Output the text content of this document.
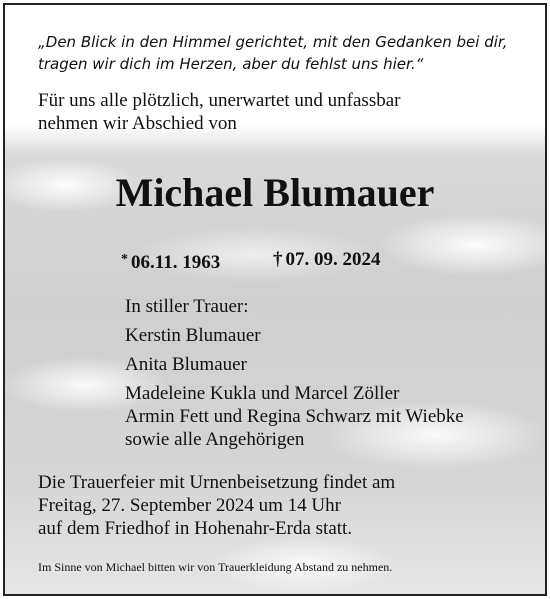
„Den Blick in den Himmel gerichtet, mit den Gedanken bei dir,
tragen wir dich im Herzen, aber du fehlst uns hier.“
Für uns alle plötzlich, unerwartet und unfassbar
nehmen wir Abschied von
Michael Blumauer
* 06.11. 1963	† 07. 09. 2024
In stiller Trauer:
Kerstin Blumauer
Anita Blumauer
Madeleine Kukla und Marcel Zöller
Armin Fett und Regina Schwarz mit Wiebke
sowie alle Angehörigen
Die Trauerfeier mit Urnenbeisetzung findet am
Freitag, 27. September 2024 um 14 Uhr
auf dem Friedhof in Hohenahr-Erda statt.
Im Sinne von Michael bitten wir von Trauerkleidung Abstand zu nehmen.
